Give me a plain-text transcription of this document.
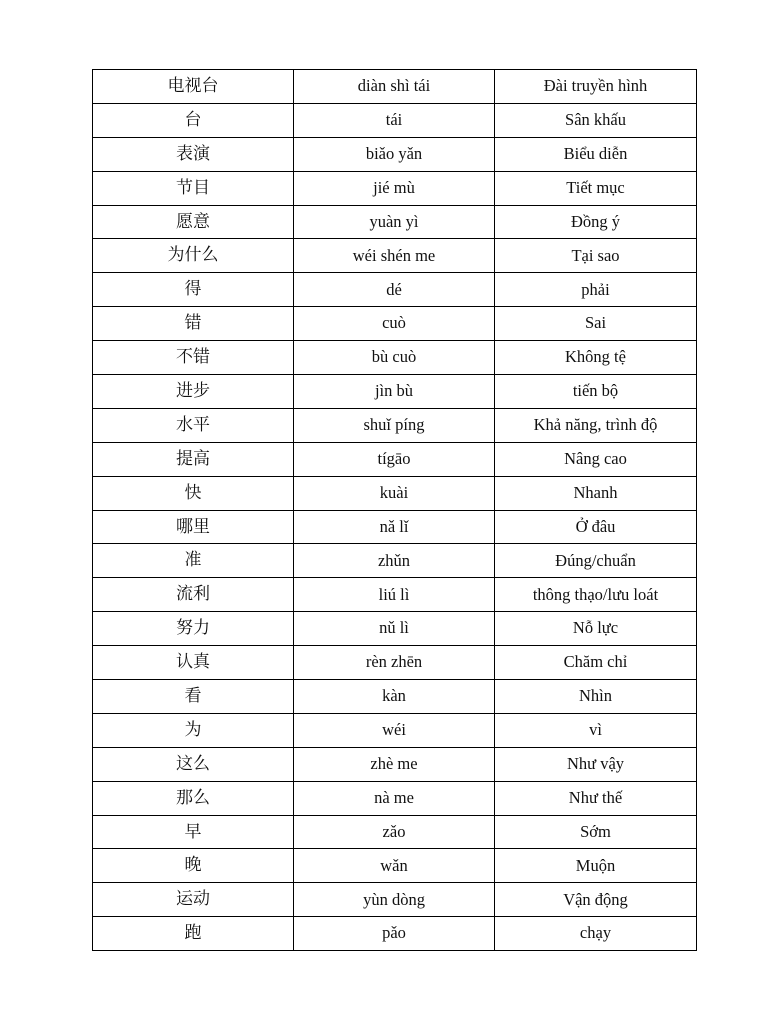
电视台	diàn shì tái	Đài truyền hình
台	tái	Sân khấu
表演	biǎo yǎn	Biểu diễn
节目	jié mù	Tiết mục
愿意	yuàn yì	Đồng ý
为什么	wéi shén me	Tại sao
得	dé	phải
错	cuò	Sai
不错	bù cuò	Không tệ
进步	jìn bù	tiến bộ
水平	shuǐ píng	Khả năng, trình độ
提高	tígāo	Nâng cao
快	kuài	Nhanh
哪里	nǎ lǐ	Ở đâu
准	zhǔn	Đúng/chuẩn
流利	liú lì	thông thạo/lưu loát
努力	nǔ lì	Nỗ lực
认真	rèn zhēn	Chăm chỉ
看	kàn	Nhìn
为	wéi	vì
这么	zhè me	Như vậy
那么	nà me	Như thế
早	zǎo	Sớm
晚	wǎn	Muộn
运动	yùn dòng	Vận động
跑	pǎo	chạy
